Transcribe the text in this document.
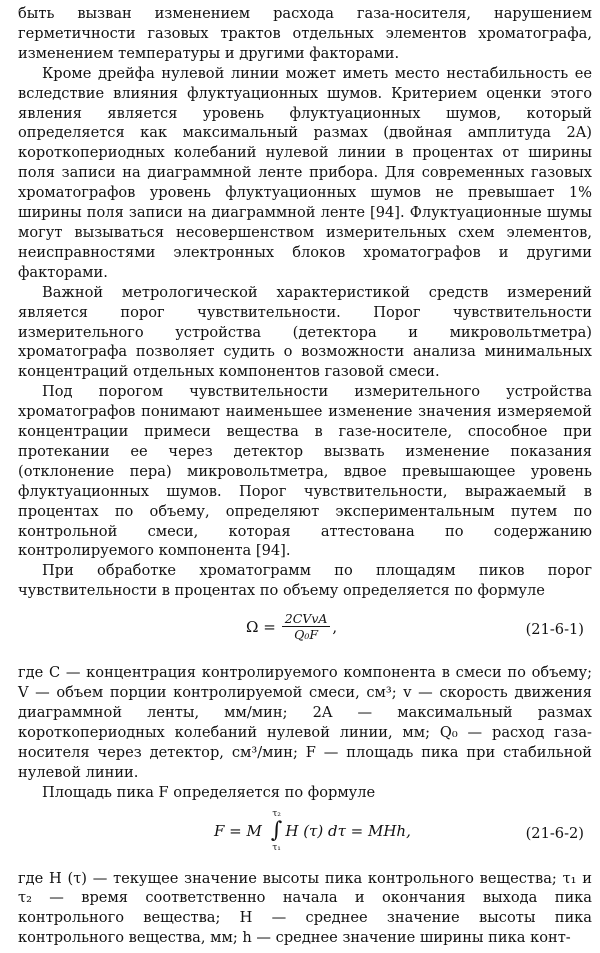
быть вызван изменением расхода газа-носителя, нарушением герметичности газовых трактов отдельных элементов хроматографа, изменением температуры и другими факторами.

Кроме дрейфа нулевой линии может иметь место нестабильность ее вследствие влияния флуктуационных шумов. Критерием оценки этого явления является уровень флуктуационных шумов, который определяется как максимальный размах (двойная амплитуда 2A) короткопериодных колебаний нулевой линии в процентах от ширины поля записи на диаграммной ленте прибора. Для современных газовых хроматографов уровень флуктуационных шумов не превышает 1% ширины поля записи на диаграммной ленте [94]. Флуктуационные шумы могут вызываться несовершенством измерительных схем элементов, неисправностями электронных блоков хроматографов и другими факторами.

Важной метрологической характеристикой средств измерений является порог чувствительности. Порог чувствительности измерительного устройства (детектора и микровольтметра) хроматографа позволяет судить о возможности анализа минимальных концентраций отдельных компонентов газовой смеси.

Под порогом чувствительности измерительного устройства хроматографов понимают наименьшее изменение значения измеряемой концентрации примеси вещества в газе-носителе, способное при протекании ее через детектор вызвать изменение показания (отклонение пера) микровольтметра, вдвое превышающее уровень флуктуационных шумов. Порог чувствительности, выражаемый в процентах по объему, определяют экспериментальным путем по контрольной смеси, которая аттестована по содержанию контролируемого компонента [94].

При обработке хроматограмм по площадям пиков порог чувствительности в процентах по объему определяется по формуле

$\Omega = \frac{\text{2CVvA}}{\text{Q₀F}}$ ,	(21-6-1)

где C — концентрация контролируемого компонента в смеси по объему; V — объем порции контролируемой смеси, см³; v — скорость движения диаграммной ленты, мм/мин; 2A — максимальный размах короткопериодных колебаний нулевой линии, мм; Q₀ — расход газа-носителя через детектор, см³/мин; F — площадь пика при стабильной нулевой линии.

Площадь пика F определяется по формуле

F = M
τ₂
∫
τ₁
H (τ) dτ = MHh,	(21-6-2)

где H (τ) — текущее значение высоты пика контрольного вещества; τ₁ и τ₂ — время соответственно начала и окончания выхода пика контрольного вещества; H — среднее значение высоты пика контрольного вещества, мм; h — среднее значение ширины пика конт-
